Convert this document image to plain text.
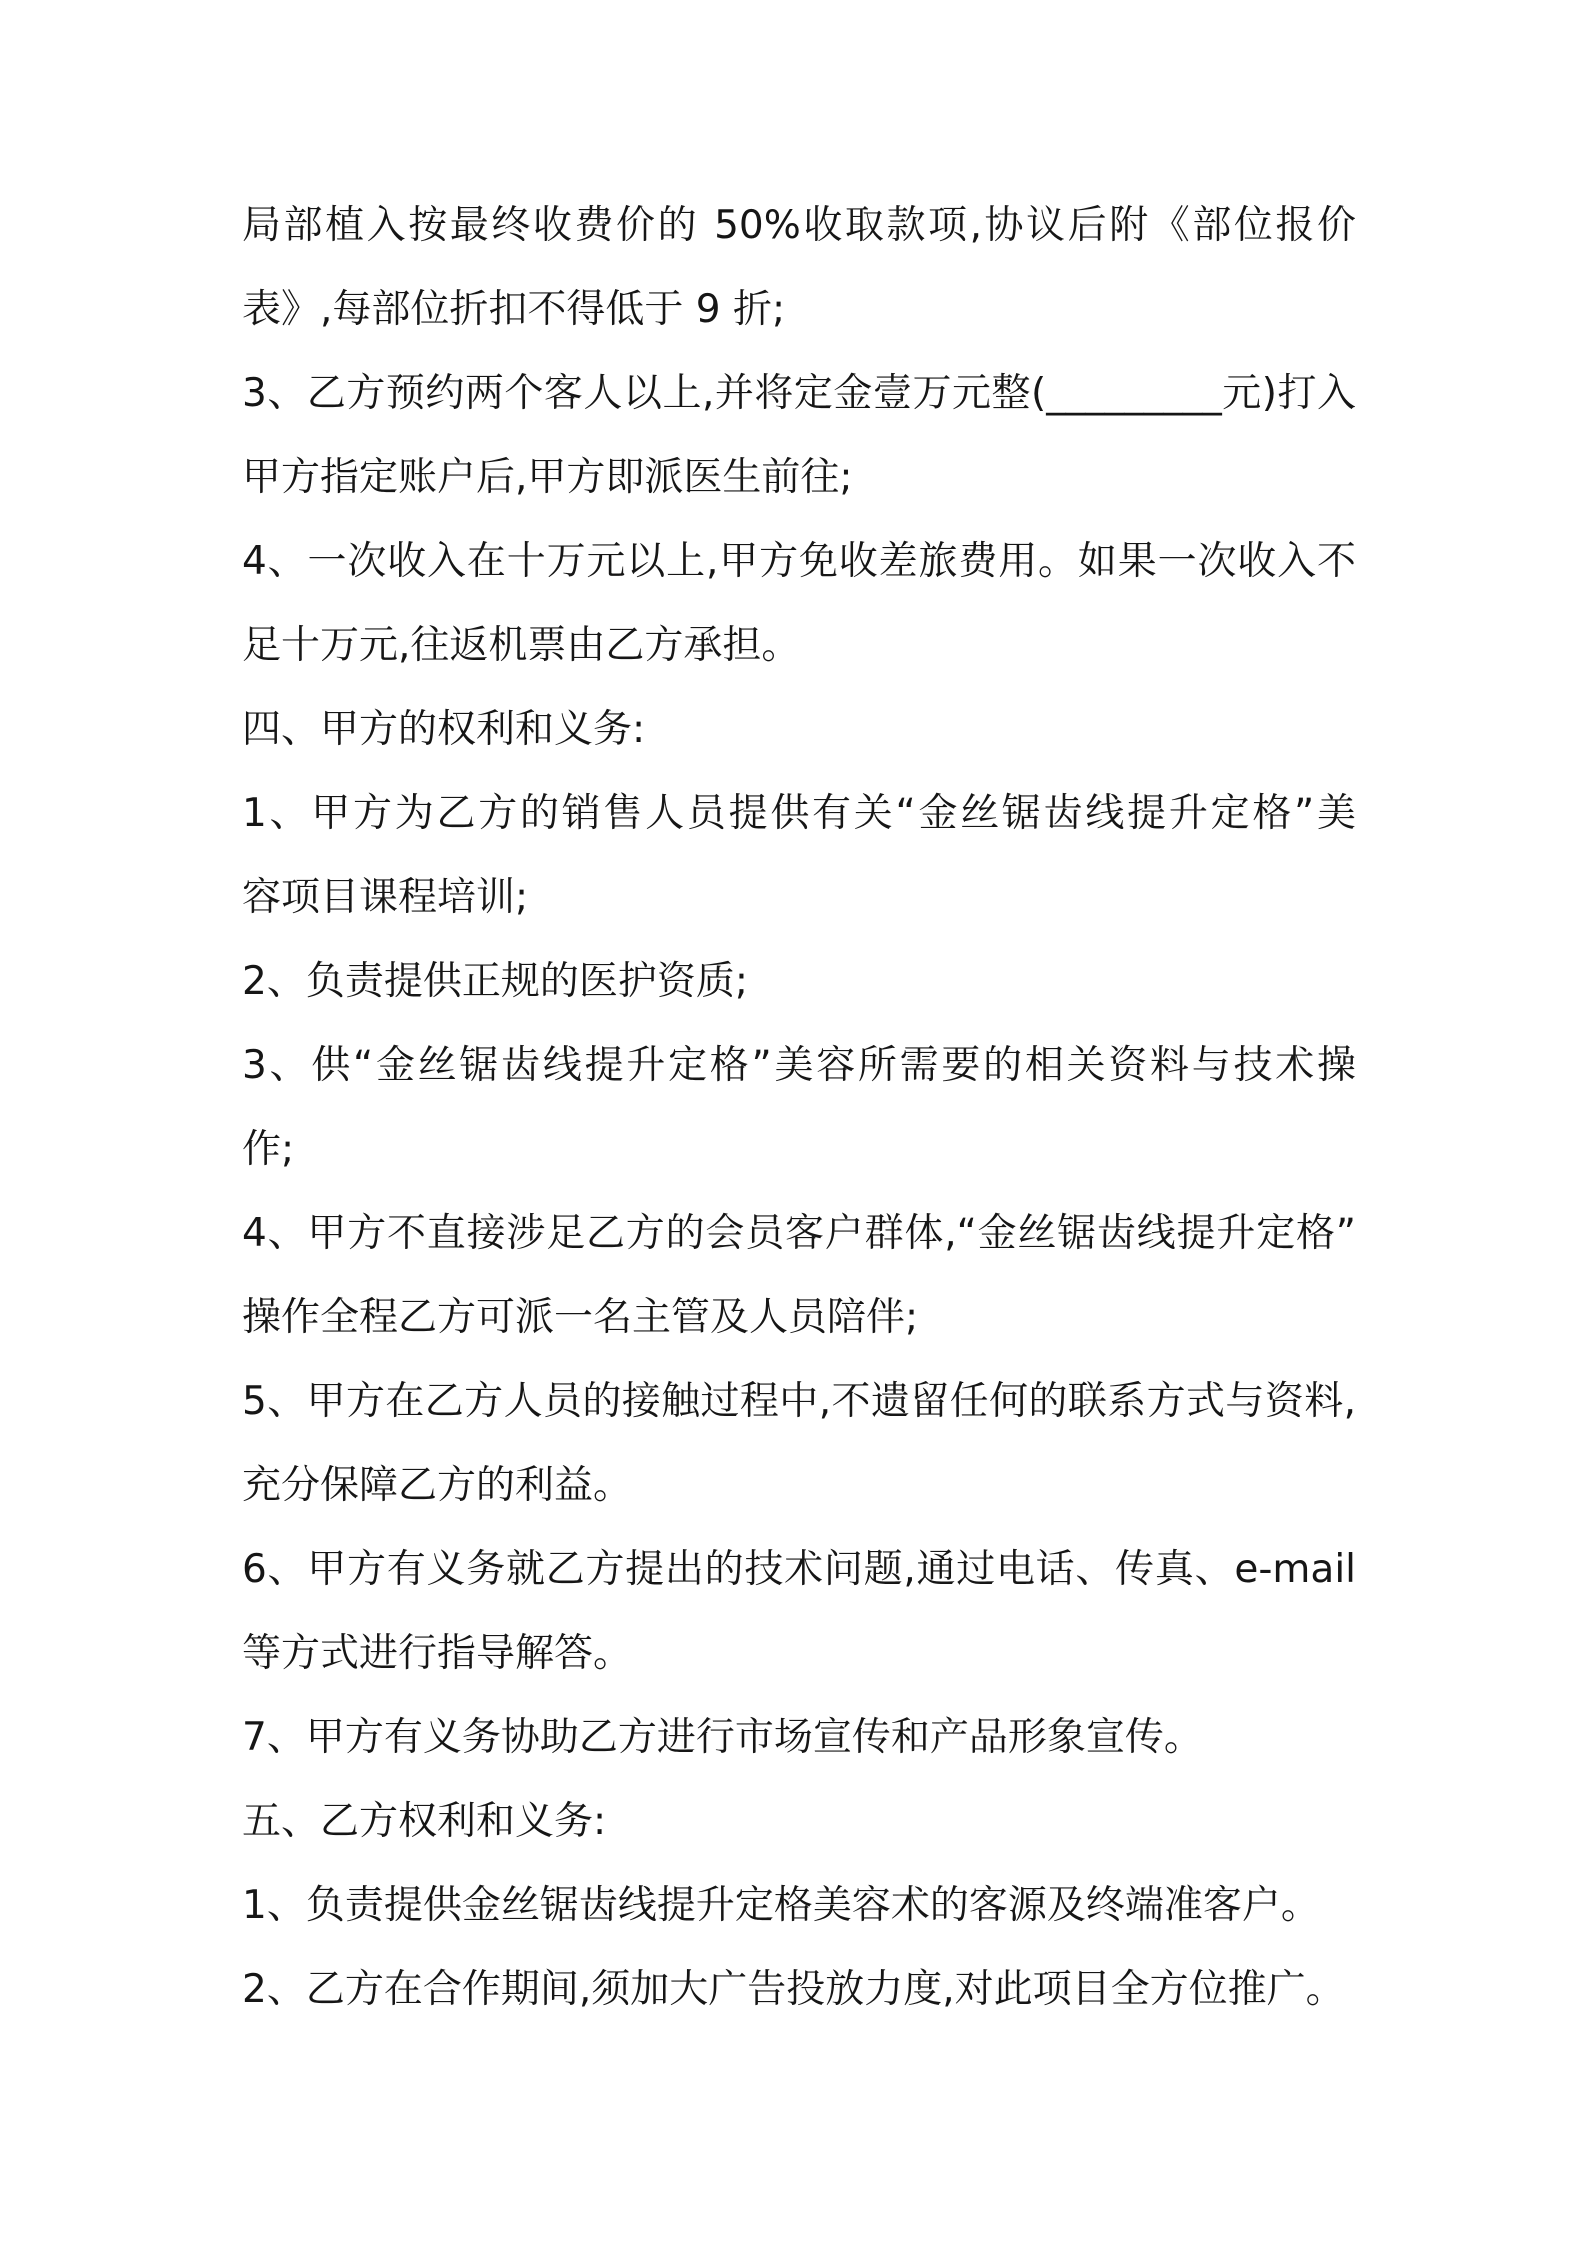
局部植入按最终收费价的 50%收取款项,协议后附《部位报价
表》,每部位折扣不得低于 9 折;
3、乙方预约两个客人以上,并将定金壹万元整(_________元)打入
甲方指定账户后,甲方即派医生前往;
4、一次收入在十万元以上,甲方免收差旅费用。如果一次收入不
足十万元,往返机票由乙方承担。
四、甲方的权利和义务:
1、甲方为乙方的销售人员提供有关“金丝锯齿线提升定格”美
容项目课程培训;
2、负责提供正规的医护资质;
3、供“金丝锯齿线提升定格”美容所需要的相关资料与技术操
作;
4、甲方不直接涉足乙方的会员客户群体,“金丝锯齿线提升定格”
操作全程乙方可派一名主管及人员陪伴;
5、甲方在乙方人员的接触过程中,不遗留任何的联系方式与资料,
充分保障乙方的利益。
6、甲方有义务就乙方提出的技术问题,通过电话、传真、e-mail
等方式进行指导解答。
7、甲方有义务协助乙方进行市场宣传和产品形象宣传。
五、乙方权利和义务:
1、负责提供金丝锯齿线提升定格美容术的客源及终端准客户。
2、乙方在合作期间,须加大广告投放力度,对此项目全方位推广。
